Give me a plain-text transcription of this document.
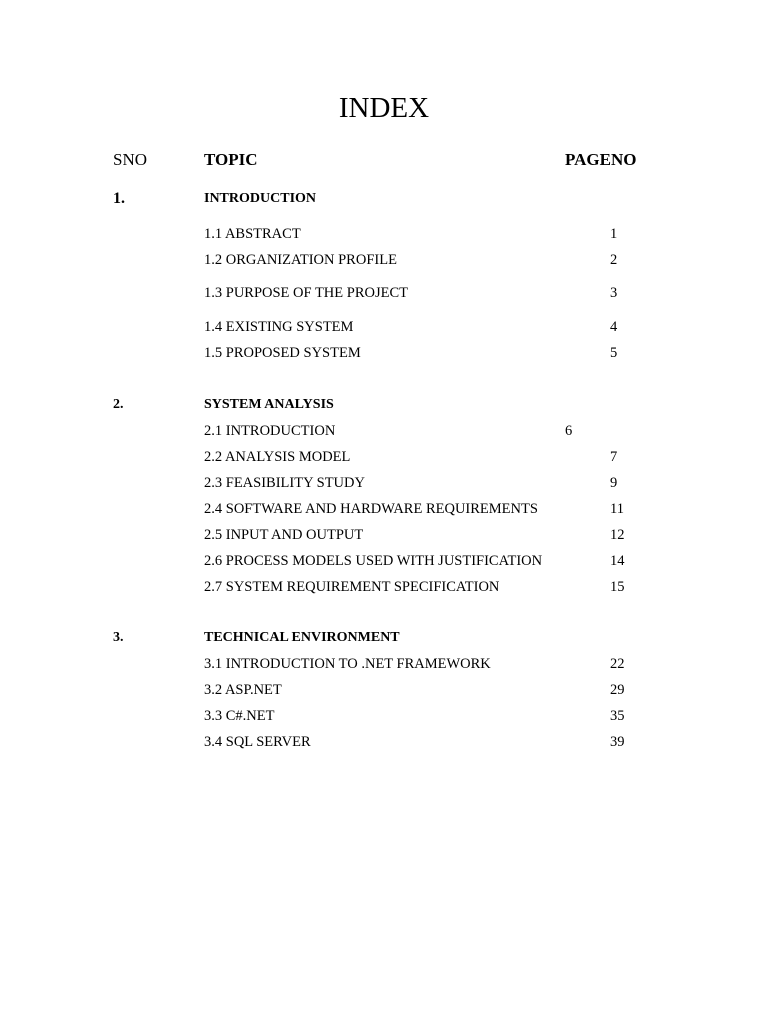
INDEX
SNO	TOPIC	PAGENO
1.	INTRODUCTION
1.1 ABSTRACT	1
1.2 ORGANIZATION PROFILE	2
1.3 PURPOSE OF THE PROJECT	3
1.4 EXISTING SYSTEM	4
1.5 PROPOSED SYSTEM	5
2.	SYSTEM ANALYSIS
2.1 INTRODUCTION	6
2.2 ANALYSIS MODEL	7
2.3 FEASIBILITY STUDY	9
2.4 SOFTWARE AND HARDWARE REQUIREMENTS	11
2.5 INPUT AND OUTPUT	12
2.6 PROCESS MODELS USED WITH JUSTIFICATION	14
2.7 SYSTEM REQUIREMENT SPECIFICATION	15
3.	TECHNICAL ENVIRONMENT
3.1 INTRODUCTION TO .NET FRAMEWORK	22
3.2 ASP.NET	29
3.3 C#.NET	35
3.4 SQL SERVER	39
